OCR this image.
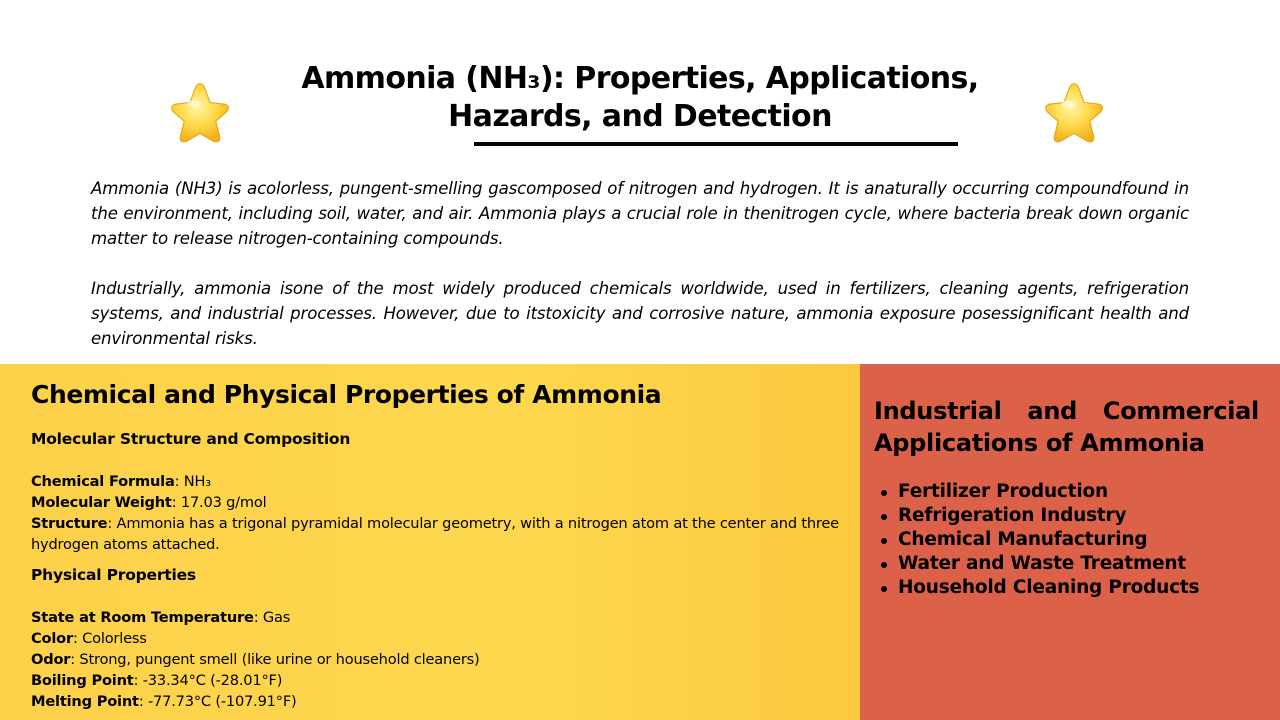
Ammonia (NH₃): Properties, Applications,
Hazards, and Detection

Ammonia (NH3) is acolorless, pungent-smelling gascomposed of nitrogen and hydrogen. It is anaturally occurring compoundfound in the environment, including soil, water, and air. Ammonia plays a crucial role in thenitrogen cycle, where bacteria break down organic matter to release nitrogen-containing compounds.

Industrially, ammonia isone of the most widely produced chemicals worldwide, used in fertilizers, cleaning agents, refrigeration systems, and industrial processes. However, due to itstoxicity and corrosive nature, ammonia exposure posessignificant health and environmental risks.

Chemical and Physical Properties of Ammonia
Molecular Structure and Composition

Chemical Formula: NH₃

Molecular Weight: 17.03 g/mol

Structure: Ammonia has a trigonal pyramidal molecular geometry, with a nitrogen atom at the center and three hydrogen atoms attached.

Physical Properties

State at Room Temperature: Gas

Color: Colorless

Odor: Strong, pungent smell (like urine or household cleaners)

Boiling Point: -33.34°C (-28.01°F)

Melting Point: -77.73°C (-107.91°F)

Industrial and Commercial Applications of Ammonia
Fertilizer Production
Refrigeration Industry
Chemical Manufacturing
Water and Waste Treatment
Household Cleaning Products
